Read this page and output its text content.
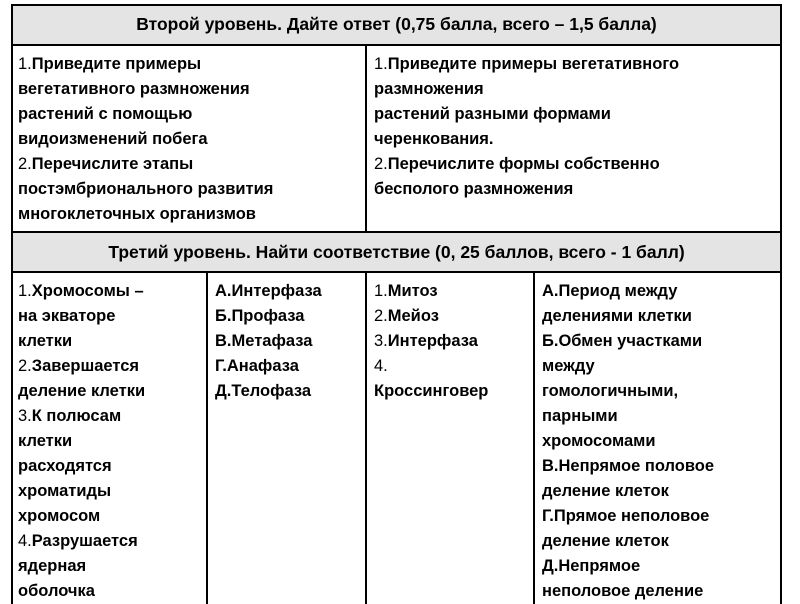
Второй уровень. Дайте ответ (0,75 балла, всего – 1,5 балла)
Третий уровень. Найти соответствие (0, 25 баллов, всего - 1 балл)
1.Приведите примеры
вегетативного размножения
растений с помощью
видоизменений побега
2.Перечислите этапы
постэмбрионального развития
многоклеточных организмов
1.Приведите примеры вегетативного
размножения
растений разными формами
черенкования.
2.Перечислите формы собственно
бесполого размножения
1.Хромосомы –
на экваторе
клетки
2.Завершается
деление клетки
3.К полюсам
клетки
расходятся
хроматиды
хромосом
4.Разрушается
ядерная
оболочка
А.Интерфаза
Б.Профаза
В.Метафаза
Г.Анафаза
Д.Телофаза
1.Митоз
2.Мейоз
3.Интерфаза
4.
Кроссинговер
А.Период между
делениями клетки
Б.Обмен участками
между
гомологичными,
парными
хромосомами
В.Непрямое половое
деление клеток
Г.Прямое неполовое
деление клеток
Д.Непрямое
неполовое деление
